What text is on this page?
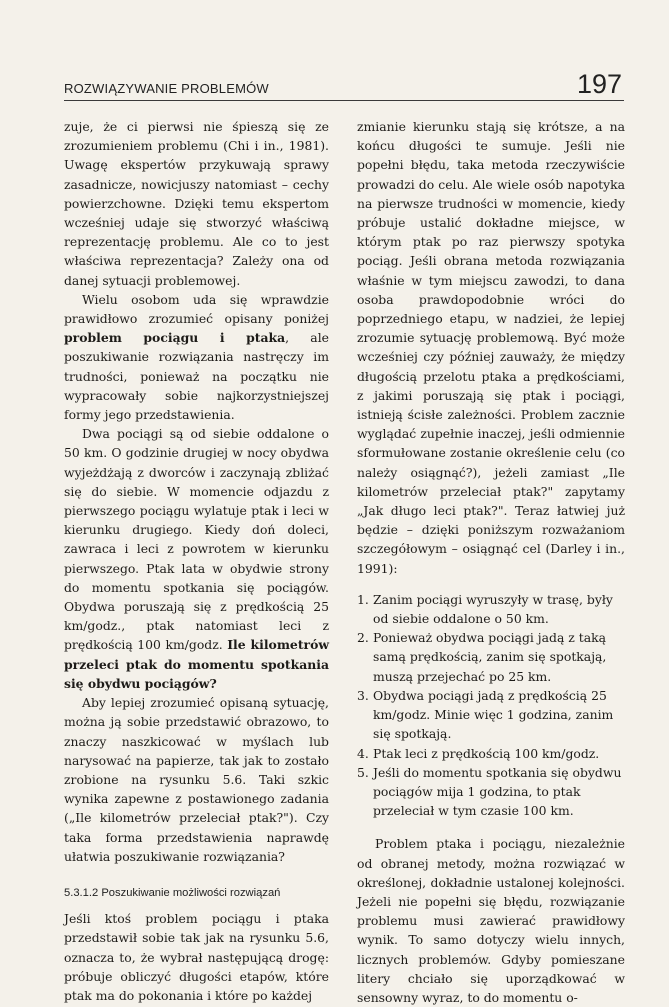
ROZWIĄZYWANIE PROBLEMÓW	197

zuje, że ci pierwsi nie śpieszą się ze zrozumieniem problemu (Chi i in., 1981). Uwagę ekspertów przykuwają sprawy zasadnicze, nowicjuszy natomiast – cechy powierzchowne. Dzięki temu ekspertom wcześniej udaje się stworzyć właściwą reprezentację problemu. Ale co to jest właściwa reprezentacja? Zależy ona od danej sytuacji problemowej.

Wielu osobom uda się wprawdzie prawidłowo zrozumieć opisany poniżej problem pociągu i ptaka, ale poszukiwanie rozwiązania nastręczy im trudności, ponieważ na początku nie wypracowały sobie najkorzystniejszej formy jego przedstawienia.

Dwa pociągi są od siebie oddalone o 50 km. O godzinie drugiej w nocy obydwa wyjeżdżają z dworców i zaczynają zbliżać się do siebie. W momencie odjazdu z pierwszego pociągu wylatuje ptak i leci w kierunku drugiego. Kiedy doń doleci, zawraca i leci z powrotem w kierunku pierwszego. Ptak lata w obydwie strony do momentu spotkania się pociągów. Obydwa poruszają się z prędkością 25 km/godz., ptak natomiast leci z prędkością 100 km/godz. Ile kilometrów przeleci ptak do momentu spotkania się obydwu pociągów?

Aby lepiej zrozumieć opisaną sytuację, można ją sobie przedstawić obrazowo, to znaczy naszkicować w myślach lub narysować na papierze, tak jak to zostało zrobione na rysunku 5.6. Taki szkic wynika zapewne z postawionego zadania („Ile kilometrów przeleciał ptak?"). Czy taka forma przedstawienia naprawdę ułatwia poszukiwanie rozwiązania?

5.3.1.2 Poszukiwanie możliwości rozwiązań

Jeśli ktoś problem pociągu i ptaka przedstawił sobie tak jak na rysunku 5.6, oznacza to, że wybrał następującą drogę: próbuje obliczyć długości etapów, które ptak ma do pokonania i które po każdej

zmianie kierunku stają się krótsze, a na końcu długości te sumuje. Jeśli nie popełni błędu, taka metoda rzeczywiście prowadzi do celu. Ale wiele osób napotyka na pierwsze trudności w momencie, kiedy próbuje ustalić dokładne miejsce, w którym ptak po raz pierwszy spotyka pociąg. Jeśli obrana metoda rozwiązania właśnie w tym miejscu zawodzi, to dana osoba prawdopodobnie wróci do poprzedniego etapu, w nadziei, że lepiej zrozumie sytuację problemową. Być może wcześniej czy później zauważy, że między długością przelotu ptaka a prędkościami, z jakimi poruszają się ptak i pociągi, istnieją ścisłe zależności. Problem zacznie wyglądać zupełnie inaczej, jeśli odmiennie sformułowane zostanie określenie celu (co należy osiągnąć?), jeżeli zamiast „Ile kilometrów przeleciał ptak?" zapytamy „Jak długo leci ptak?". Teraz łatwiej już będzie – dzięki poniższym rozważaniom szczegółowym – osiągnąć cel (Darley i in., 1991):

1. Zanim pociągi wyruszyły w trasę, były od siebie oddalone o 50 km.
2. Ponieważ obydwa pociągi jadą z taką samą prędkością, zanim się spotkają, muszą przejechać po 25 km.
3. Obydwa pociągi jadą z prędkością 25 km/godz. Minie więc 1 godzina, zanim się spotkają.
4. Ptak leci z prędkością 100 km/godz.
5. Jeśli do momentu spotkania się obydwu pociągów mija 1 godzina, to ptak przeleciał w tym czasie 100 km.

Problem ptaka i pociągu, niezależnie od obranej metody, można rozwiązać w określonej, dokładnie ustalonej kolejności. Jeżeli nie popełni się błędu, rozwiązanie problemu musi zawierać prawidłowy wynik. To samo dotyczy wielu innych, licznych problemów. Gdyby pomieszane litery chciało się uporządkować w sensowny wyraz, to do momentu o-
